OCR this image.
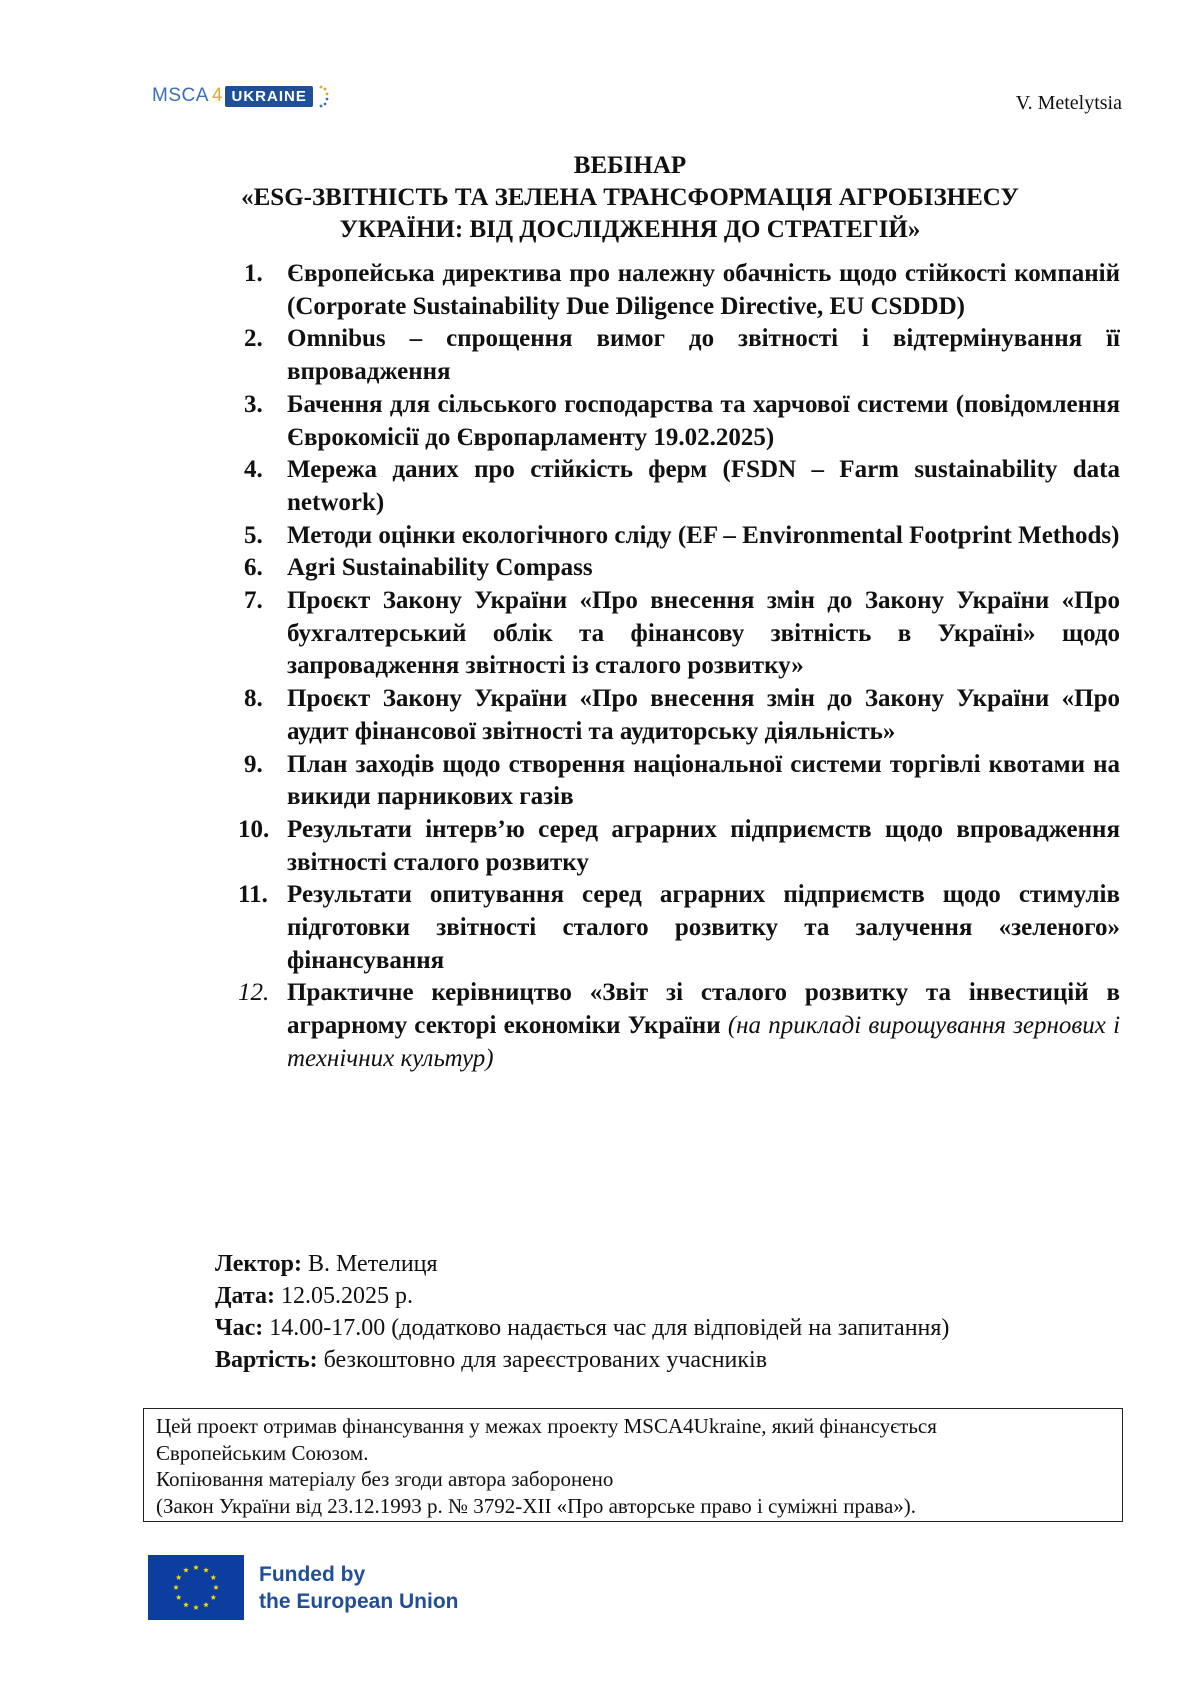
MSCA 4 UKRAINE	V. Metelytsia
ВЕБІНАР
«ESG-ЗВІТНІСТЬ ТА ЗЕЛЕНА ТРАНСФОРМАЦІЯ АГРОБІЗНЕСУ
УКРАЇНИ: ВІД ДОСЛІДЖЕННЯ ДО СТРАТЕГІЙ»
1. Європейська директива про належну обачність щодо стійкості компаній (Corporate Sustainability Due Diligence Directive, EU CSDDD)
2. Omnibus – спрощення вимог до звітності і відтермінування її впровадження
3. Бачення для сільського господарства та харчової системи (повідомлення Єврокомісії до Європарламенту 19.02.2025)
4. Мережа даних про стійкість ферм (FSDN – Farm sustainability data network)
5. Методи оцінки екологічного сліду (EF – Environmental Footprint Methods)
6. Agri Sustainability Compass
7. Проєкт Закону України «Про внесення змін до Закону України «Про бухгалтерський облік та фінансову звітність в Україні» щодо запровадження звітності із сталого розвитку»
8. Проєкт Закону України «Про внесення змін до Закону України «Про аудит фінансової звітності та аудиторську діяльність»
9. План заходів щодо створення національної системи торгівлі квотами на викиди парникових газів
10. Результати інтерв’ю серед аграрних підприємств щодо впровадження звітності сталого розвитку
11. Результати опитування серед аграрних підприємств щодо стимулів підготовки звітності сталого розвитку та залучення «зеленого» фінансування
12. Практичне керівництво «Звіт зі сталого розвитку та інвестицій в аграрному секторі економіки України (на прикладі вирощування зернових і технічних культур)
Лектор: В. Метелиця
Дата: 12.05.2025 р.
Час: 14.00-17.00 (додатково надається час для відповідей на запитання)
Вартість: безкоштовно для зареєстрованих учасників
Цей проект отримав фінансування у межах проекту MSCA4Ukraine, який фінансується
Європейським Союзом.
Копіювання матеріалу без згоди автора заборонено
(Закон України від 23.12.1993 р. № 3792-XII «Про авторське право і суміжні права»).
Funded by
the European Union
